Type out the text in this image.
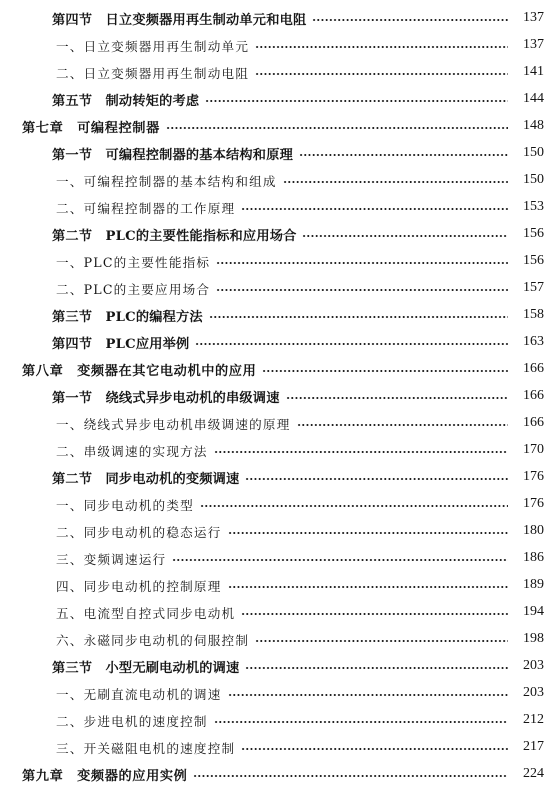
第四节　日立变频器用再生制动单元和电阻	137
一、日立变频器用再生制动单元	137
二、日立变频器用再生制动电阻	141
第五节　制动转矩的考虑	144
第七章　可编程控制器	148
第一节　可编程控制器的基本结构和原理	150
一、可编程控制器的基本结构和组成	150
二、可编程控制器的工作原理	153
第二节　PLC的主要性能指标和应用场合	156
一、PLC的主要性能指标	156
二、PLC的主要应用场合	157
第三节　PLC的编程方法	158
第四节　PLC应用举例	163
第八章　变频器在其它电动机中的应用	166
第一节　绕线式异步电动机的串级调速	166
一、绕线式异步电动机串级调速的原理	166
二、串级调速的实现方法	170
第二节　同步电动机的变频调速	176
一、同步电动机的类型	176
二、同步电动机的稳态运行	180
三、变频调速运行	186
四、同步电动机的控制原理	189
五、电流型自控式同步电动机	194
六、永磁同步电动机的伺服控制	198
第三节　小型无刷电动机的调速	203
一、无刷直流电动机的调速	203
二、步进电机的速度控制	212
三、开关磁阻电机的速度控制	217
第九章　变频器的应用实例	224
